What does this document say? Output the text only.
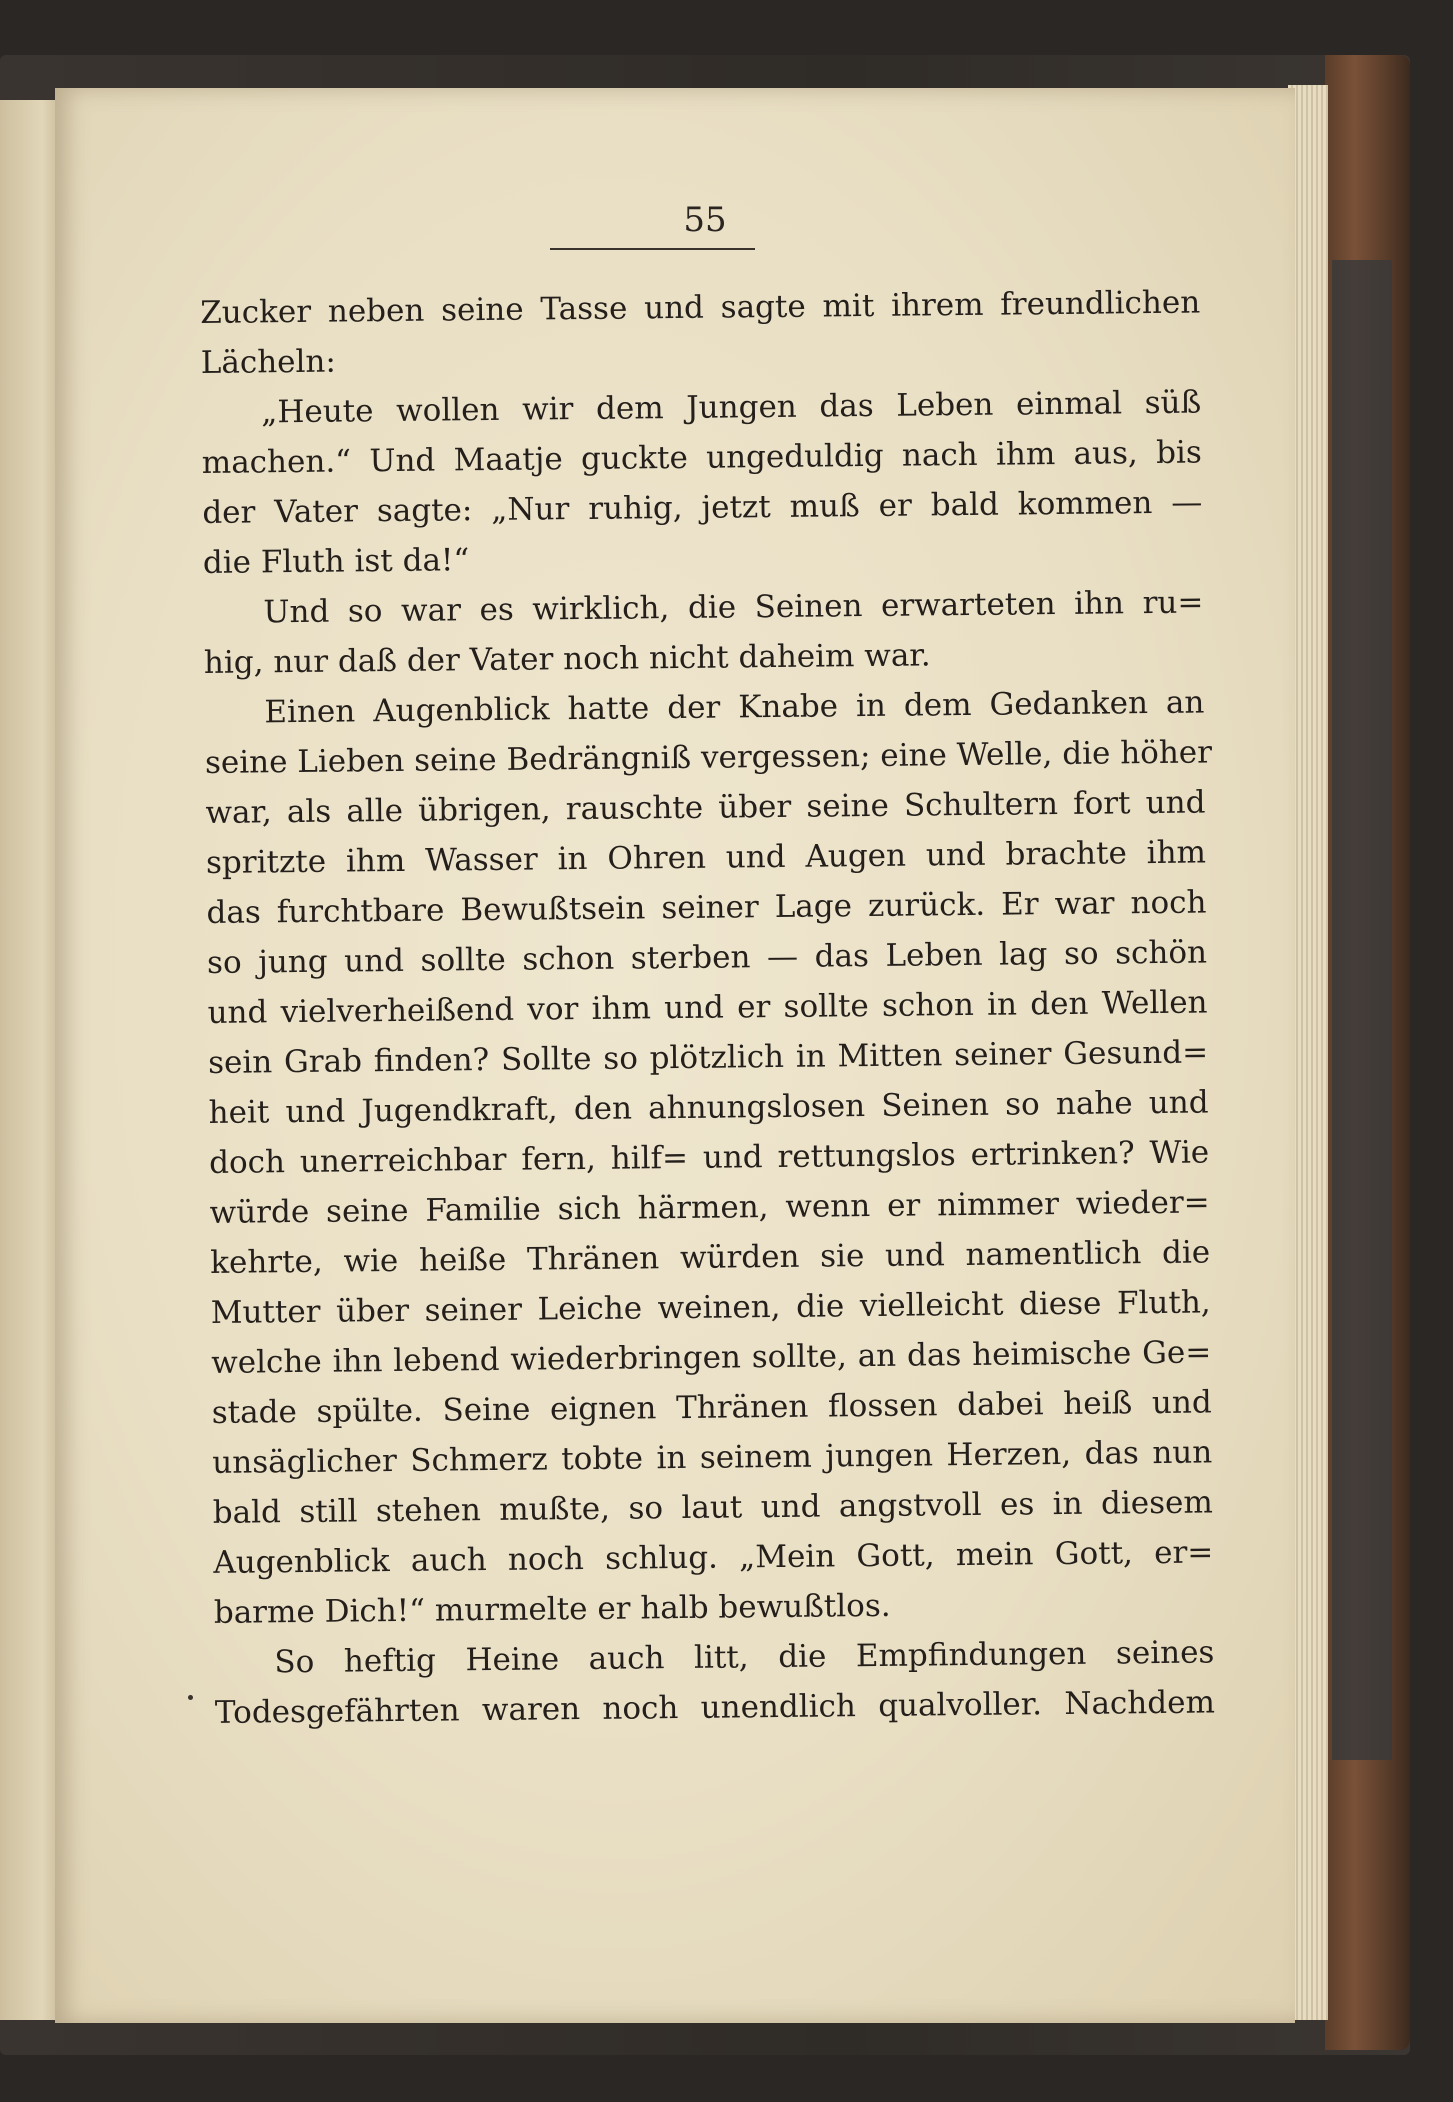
55
Zucker neben seine Tasse und sagte mit ihrem freundlichen
Lächeln:
„Heute wollen wir dem Jungen das Leben einmal süß
machen.“ Und Maatje guckte ungeduldig nach ihm aus, bis
der Vater sagte: „Nur ruhig, jetzt muß er bald kommen —
die Fluth ist da!“
Und so war es wirklich, die Seinen erwarteten ihn ru=
hig, nur daß der Vater noch nicht daheim war.
Einen Augenblick hatte der Knabe in dem Gedanken an
seine Lieben seine Bedrängniß vergessen; eine Welle, die höher
war, als alle übrigen, rauschte über seine Schultern fort und
spritzte ihm Wasser in Ohren und Augen und brachte ihm
das furchtbare Bewußtsein seiner Lage zurück. Er war noch
so jung und sollte schon sterben — das Leben lag so schön
und vielverheißend vor ihm und er sollte schon in den Wellen
sein Grab finden? Sollte so plötzlich in Mitten seiner Gesund=
heit und Jugendkraft, den ahnungslosen Seinen so nahe und
doch unerreichbar fern, hilf= und rettungslos ertrinken? Wie
würde seine Familie sich härmen, wenn er nimmer wieder=
kehrte, wie heiße Thränen würden sie und namentlich die
Mutter über seiner Leiche weinen, die vielleicht diese Fluth,
welche ihn lebend wiederbringen sollte, an das heimische Ge=
stade spülte. Seine eignen Thränen flossen dabei heiß und
unsäglicher Schmerz tobte in seinem jungen Herzen, das nun
bald still stehen mußte, so laut und angstvoll es in diesem
Augenblick auch noch schlug. „Mein Gott, mein Gott, er=
barme Dich!“ murmelte er halb bewußtlos.
So heftig Heine auch litt, die Empfindungen seines
Todesgefährten waren noch unendlich qualvoller. Nachdem
